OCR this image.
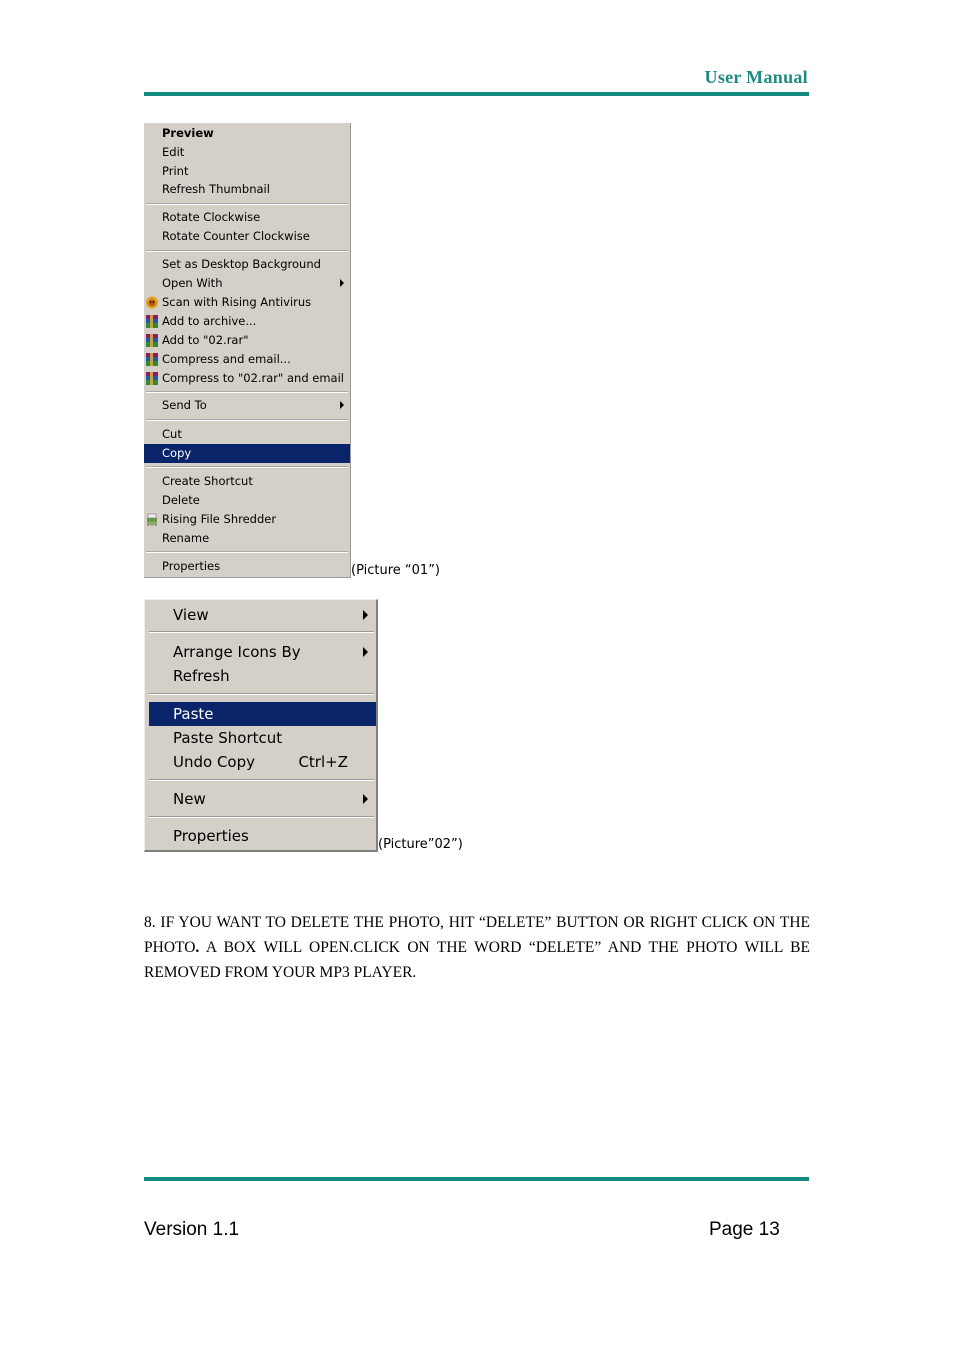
User Manual
Preview
Edit
Print
Refresh Thumbnail
Rotate Clockwise
Rotate Counter Clockwise
Set as Desktop Background
Open With
Scan with Rising Antivirus
Add to archive...
Add to "02.rar"
Compress and email...
Compress to "02.rar" and email
Send To
Cut
Copy
Create Shortcut
Delete
Rising File Shredder
Rename
Properties	(Picture “01”)
View
Arrange Icons By
Refresh
Paste
Paste Shortcut
Undo Copy	Ctrl+Z
New
Properties	(Picture”02”)
8. IF YOU WANT TO DELETE THE PHOTO, HIT “DELETE” BUTTON OR RIGHT CLICK ON THE PHOTO. A BOX WILL OPEN.CLICK ON THE WORD “DELETE” AND THE PHOTO WILL BE REMOVED FROM YOUR MP3 PLAYER.
Version 1.1	Page 13
